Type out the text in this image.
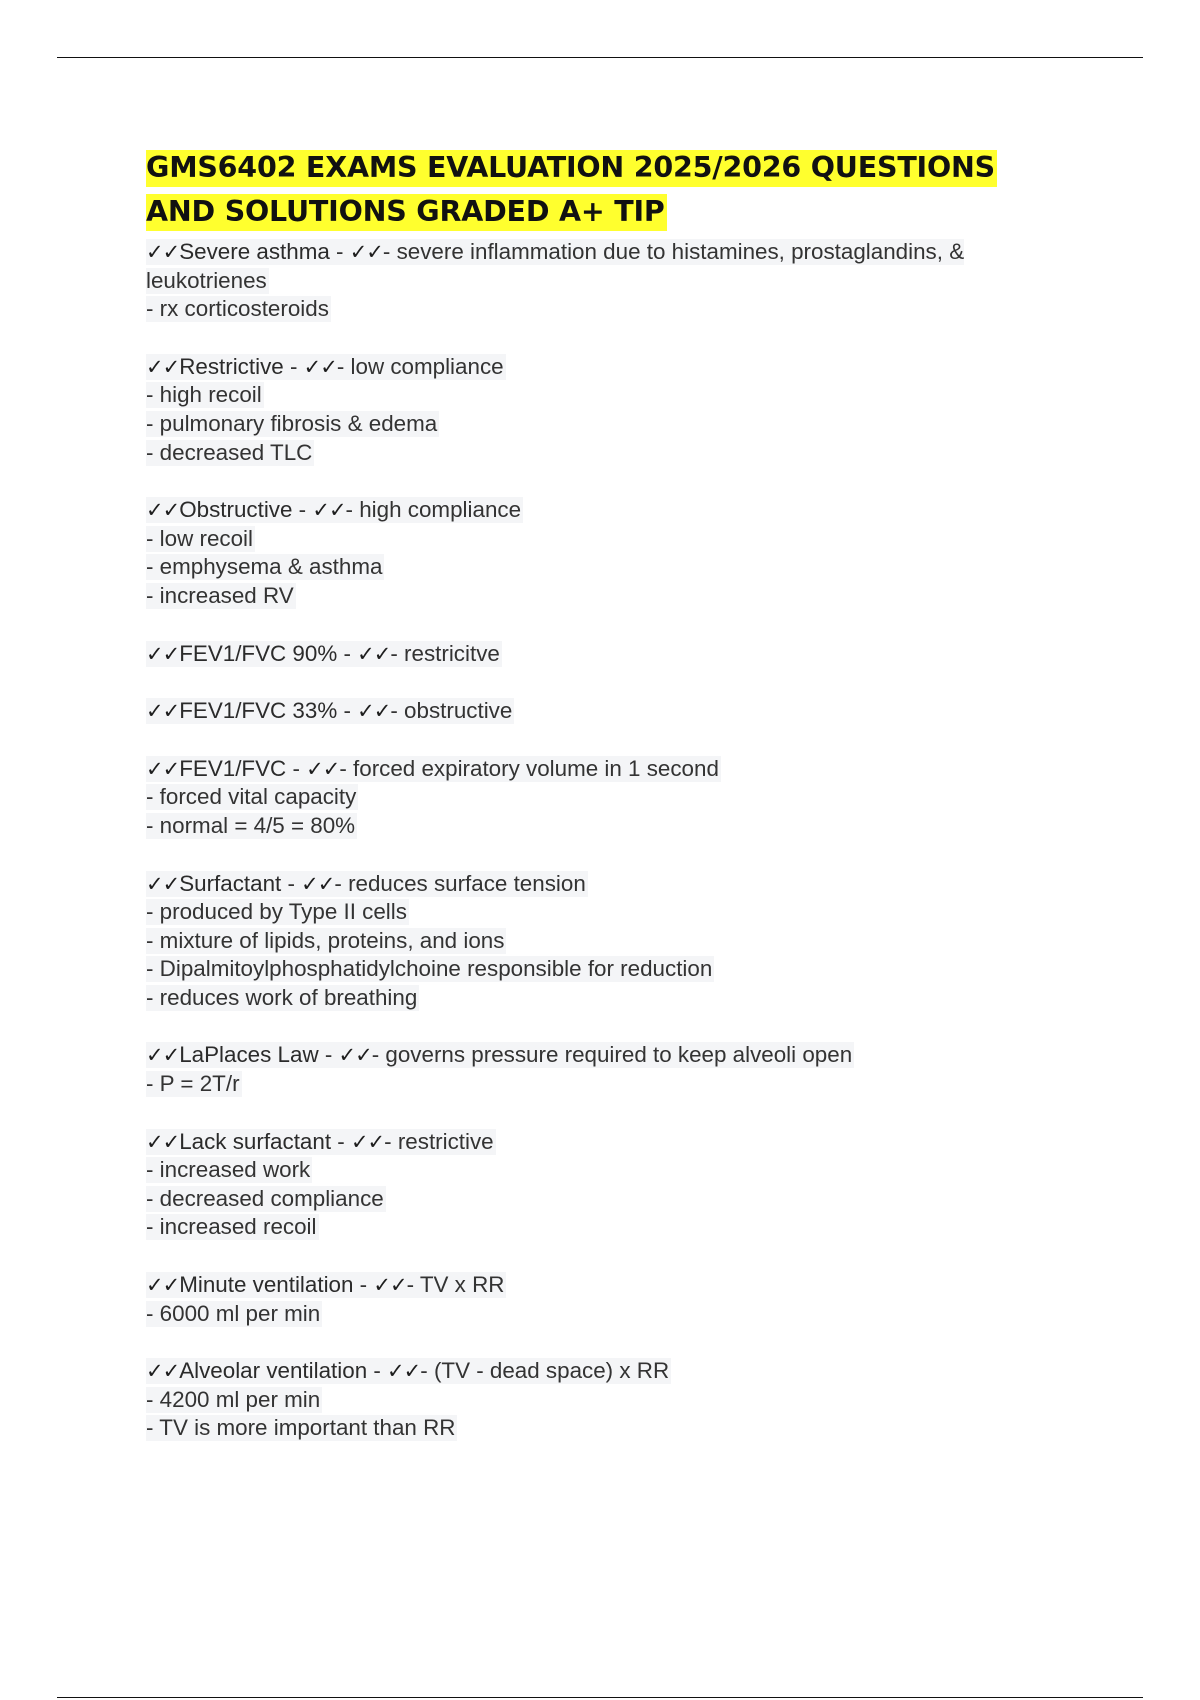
GMS6402 EXAMS EVALUATION 2025/2026 QUESTIONS AND SOLUTIONS GRADED A+ TIP
✓✓Severe asthma - ✓✓- severe inflammation due to histamines, prostaglandins, & leukotrienes
- rx corticosteroids
✓✓Restrictive - ✓✓- low compliance
- high recoil
- pulmonary fibrosis & edema
- decreased TLC
✓✓Obstructive - ✓✓- high compliance
- low recoil
- emphysema & asthma
- increased RV
✓✓FEV1/FVC 90% - ✓✓- restricitve
✓✓FEV1/FVC 33% - ✓✓- obstructive
✓✓FEV1/FVC - ✓✓- forced expiratory volume in 1 second
- forced vital capacity
- normal = 4/5 = 80%
✓✓Surfactant - ✓✓- reduces surface tension
- produced by Type II cells
- mixture of lipids, proteins, and ions
- Dipalmitoylphosphatidylchoine responsible for reduction
- reduces work of breathing
✓✓LaPlaces Law - ✓✓- governs pressure required to keep alveoli open
- P = 2T/r
✓✓Lack surfactant - ✓✓- restrictive
- increased work
- decreased compliance
- increased recoil
✓✓Minute ventilation - ✓✓- TV x RR
- 6000 ml per min
✓✓Alveolar ventilation - ✓✓- (TV - dead space) x RR
- 4200 ml per min
- TV is more important than RR
